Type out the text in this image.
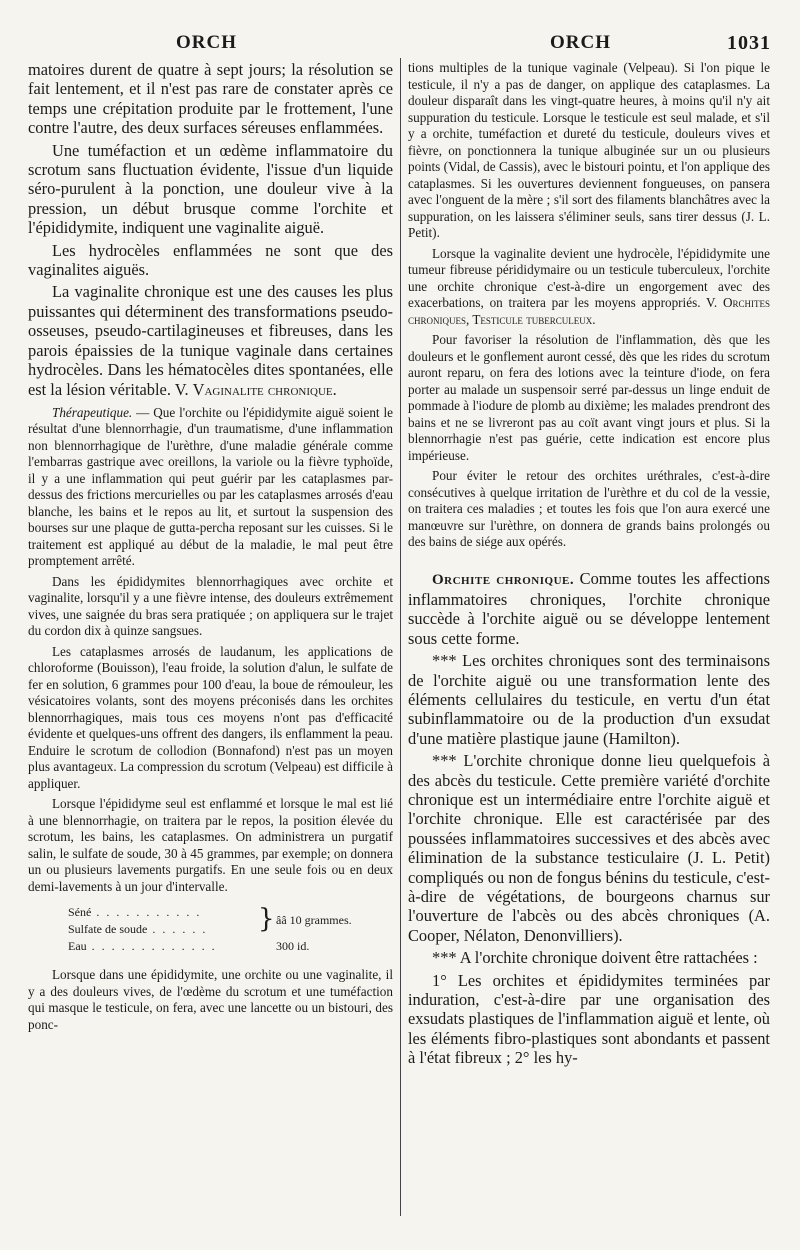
ORCH	ORCH	1031

matoires durent de quatre à sept jours; la résolution se fait lentement, et il n'est pas rare de constater après ce temps une crépitation produite par le frottement, l'une contre l'autre, des deux surfaces séreuses enflammées.

Une tuméfaction et un œdème inflammatoire du scrotum sans fluctuation évidente, l'issue d'un liquide séro-purulent à la ponction, une douleur vive à la pression, un début brusque comme l'orchite et l'épididymite, indiquent une vaginalite aiguë.

Les hydrocèles enflammées ne sont que des vaginalites aiguës.

La vaginalite chronique est une des causes les plus puissantes qui déterminent des transformations pseudo-osseuses, pseudo-cartilagineuses et fibreuses, dans les parois épaissies de la tunique vaginale dans certaines hydrocèles. Dans les hématocèles dites spontanées, elle est la lésion véritable. V. Vaginalite chronique.

Thérapeutique. — Que l'orchite ou l'épididymite aiguë soient le résultat d'une blennorrhagie, d'un traumatisme, d'une inflammation non blennorrhagique de l'urèthre, d'une maladie générale comme l'embarras gastrique avec oreillons, la variole ou la fièvre typhoïde, il y a une inflammation qui peut guérir par les cataplasmes par-dessus des frictions mercurielles ou par les cataplasmes arrosés d'eau blanche, les bains et le repos au lit, et surtout la suspension des bourses sur une plaque de gutta-percha reposant sur les cuisses. Si le traitement est appliqué au début de la maladie, le mal peut être promptement arrêté.

Dans les épididymites blennorrhagiques avec orchite et vaginalite, lorsqu'il y a une fièvre intense, des douleurs extrêmement vives, une saignée du bras sera pratiquée ; on appliquera sur le trajet du cordon dix à quinze sangsues.

Les cataplasmes arrosés de laudanum, les applications de chloroforme (Bouisson), l'eau froide, la solution d'alun, le sulfate de fer en solution, 6 grammes pour 100 d'eau, la boue de rémouleur, les vésicatoires volants, sont des moyens préconisés dans les orchites blennorrhagiques, mais tous ces moyens n'ont pas d'efficacité évidente et quelques-uns offrent des dangers, ils enflamment la peau. Enduire le scrotum de collodion (Bonnafond) n'est pas un moyen plus avantageux. La compression du scrotum (Velpeau) est difficile à appliquer.

Lorsque l'épididyme seul est enflammé et lorsque le mal est lié à une blennorrhagie, on traitera par le repos, la position élevée du scrotum, les bains, les cataplasmes. On administrera un purgatif salin, le sulfate de soude, 30 à 45 grammes, par exemple; on donnera un ou plusieurs lavements purgatifs. En une seule fois ou en deux demi-lavements à un jour d'intervalle.

Séné . . . . . . . . . . .
Sulfate de soude . . . . . .
Eau . . . . . . . . . . . . .
} ââ 10 grammes.
300 id.

Lorsque dans une épididymite, une orchite ou une vaginalite, il y a des douleurs vives, de l'œdème du scrotum et une tuméfaction qui masque le testicule, on fera, avec une lancette ou un bistouri, des ponc-

tions multiples de la tunique vaginale (Velpeau). Si l'on pique le testicule, il n'y a pas de danger, on applique des cataplasmes. La douleur disparaît dans les vingt-quatre heures, à moins qu'il n'y ait suppuration du testicule. Lorsque le testicule est seul malade, et s'il y a orchite, tuméfaction et dureté du testicule, douleurs vives et fièvre, on ponctionnera la tunique albuginée sur un ou plusieurs points (Vidal, de Cassis), avec le bistouri pointu, et l'on applique des cataplasmes. Si les ouvertures deviennent fongueuses, on pansera avec l'onguent de la mère ; s'il sort des filaments blanchâtres avec la suppuration, on les laissera s'éliminer seuls, sans tirer dessus (J. L. Petit).

Lorsque la vaginalite devient une hydrocèle, l'épididymite une tumeur fibreuse pérididymaire ou un testicule tuberculeux, l'orchite une orchite chronique c'est-à-dire un engorgement avec des exacerbations, on traitera par les moyens appropriés. V. Orchites chroniques, Testicule tuberculeux.

Pour favoriser la résolution de l'inflammation, dès que les douleurs et le gonflement auront cessé, dès que les rides du scrotum auront reparu, on fera des lotions avec la teinture d'iode, on fera porter au malade un suspensoir serré par-dessus un linge enduit de pommade à l'iodure de plomb au dixième; les malades prendront des bains et ne se livreront pas au coït avant vingt jours et plus. Si la blennorrhagie n'est pas guérie, cette indication est encore plus impérieuse.

Pour éviter le retour des orchites uréthrales, c'est-à-dire consécutives à quelque irritation de l'urèthre et du col de la vessie, on traitera ces maladies ; et toutes les fois que l'on aura exercé une manœuvre sur l'urèthre, on donnera de grands bains prolongés ou des bains de siége aux opérés.

Orchite chronique. Comme toutes les affections inflammatoires chroniques, l'orchite chronique succède à l'orchite aiguë ou se développe lentement sous cette forme.

*** Les orchites chroniques sont des terminaisons de l'orchite aiguë ou une transformation lente des éléments cellulaires du testicule, en vertu d'un état subinflammatoire ou de la production d'un exsudat d'une matière plastique jaune (Hamilton).

*** L'orchite chronique donne lieu quelquefois à des abcès du testicule. Cette première variété d'orchite chronique est un intermédiaire entre l'orchite aiguë et l'orchite chronique. Elle est caractérisée par des poussées inflammatoires successives et des abcès avec élimination de la substance testiculaire (J. L. Petit) compliqués ou non de fongus bénins du testicule, c'est-à-dire de végétations, de bourgeons charnus sur l'ouverture de l'abcès ou des abcès chroniques (A. Cooper, Nélaton, Denonvilliers).

*** A l'orchite chronique doivent être rattachées :

1° Les orchites et épididymites terminées par induration, c'est-à-dire par une organisation des exsudats plastiques de l'inflammation aiguë et lente, où les éléments fibro-plastiques sont abondants et passent à l'état fibreux ; 2° les hy-
